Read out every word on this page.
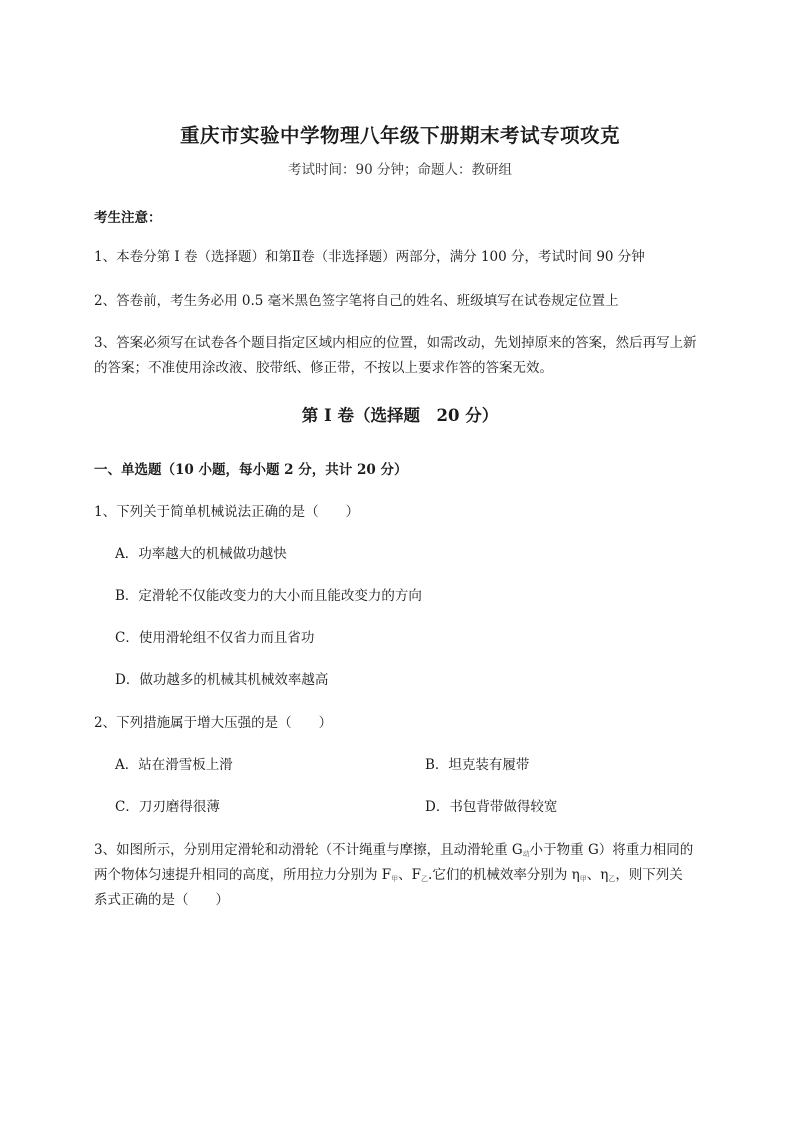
重庆市实验中学物理八年级下册期末考试专项攻克
考试时间：90 分钟；命题人：教研组
考生注意：
1、本卷分第 I 卷（选择题）和第Ⅱ卷（非选择题）两部分，满分 100 分，考试时间 90 分钟
2、答卷前，考生务必用 0.5 毫米黑色签字笔将自己的姓名、班级填写在试卷规定位置上
3、答案必须写在试卷各个题目指定区域内相应的位置，如需改动，先划掉原来的答案，然后再写上新
的答案；不准使用涂改液、胶带纸、修正带，不按以上要求作答的答案无效。
第 I 卷（选择题　20 分）
一、单选题（10 小题，每小题 2 分，共计 20 分）
1、下列关于简单机械说法正确的是（　　）
A．功率越大的机械做功越快
B．定滑轮不仅能改变力的大小而且能改变力的方向
C．使用滑轮组不仅省力而且省功
D．做功越多的机械其机械效率越高
2、下列措施属于增大压强的是（　　）
A．站在滑雪板上滑	B．坦克装有履带
C．刀刃磨得很薄	D．书包背带做得较宽
3、如图所示，分别用定滑轮和动滑轮（不计绳重与摩擦，且动滑轮重 $G_动$小于物重 G）将重力相同的
两个物体匀速提升相同的高度，所用拉力分别为 $F_甲$、$F_乙$.它们的机械效率分别为 $\eta_甲$、$\eta_乙$，则下列关
系式正确的是（　　）
